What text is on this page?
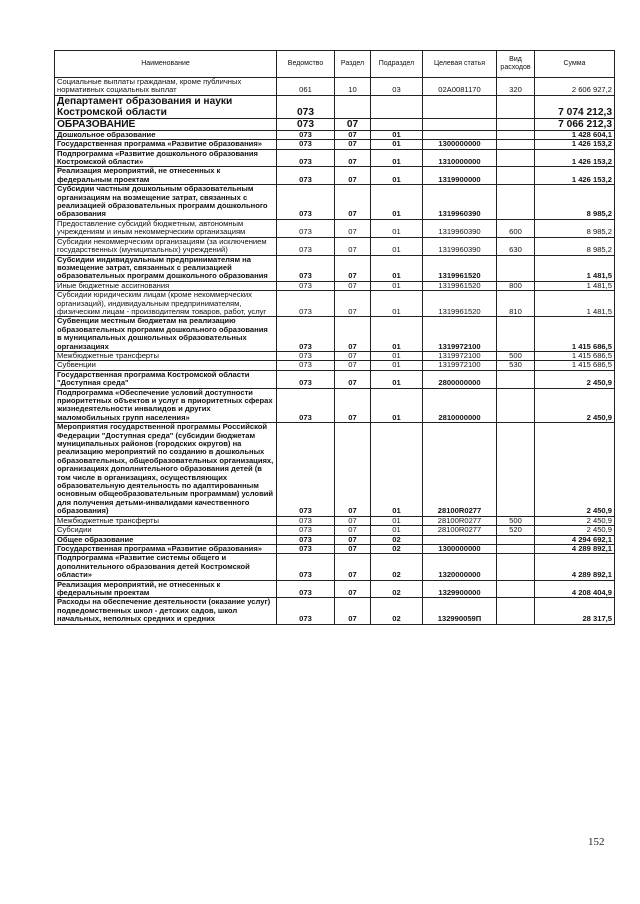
Наименование	Ведомство	Раздел	Подраздел	Целевая статья	Вид расходов	Сумма
Социальные выплаты гражданам, кроме публичных нормативных социальных выплат	061	10	03	02А0081170	320	2 606 927,2
Департамент образования и науки Костромской области	073					7 074 212,3
ОБРАЗОВАНИЕ	073	07				7 066 212,3
Дошкольное образование	073	07	01			1 428 604,1
Государственная программа «Развитие образования»	073	07	01	1300000000		1 426 153,2
Подпрограмма «Развитие дошкольного образования Костромской области»	073	07	01	1310000000		1 426 153,2
Реализация мероприятий, не отнесенных к федеральным проектам	073	07	01	1319900000		1 426 153,2
Субсидии частным дошкольным образовательным организациям на возмещение затрат, связанных с реализацией образовательных программ дошкольного образования	073	07	01	1319960390		8 985,2
Предоставление субсидий бюджетным, автономным учреждениям и иным некоммерческим организациям	073	07	01	1319960390	600	8 985,2
Субсидии некоммерческим организациям (за исключением государственных (муниципальных) учреждений)	073	07	01	1319960390	630	8 985,2
Субсидии индивидуальным предпринимателям на возмещение затрат, связанных с реализацией образовательных программ дошкольного образования	073	07	01	1319961520		1 481,5
Иные бюджетные ассигнования	073	07	01	1319961520	800	1 481,5
Субсидии юридическим лицам (кроме некоммерческих организаций), индивидуальным предпринимателям, физическим лицам - производителям товаров, работ, услуг	073	07	01	1319961520	810	1 481,5
Субвенции местным бюджетам на реализацию образовательных программ дошкольного образования в муниципальных дошкольных образовательных организациях	073	07	01	1319972100		1 415 686,5
Межбюджетные трансферты	073	07	01	1319972100	500	1 415 686,5
Субвенции	073	07	01	1319972100	530	1 415 686,5
Государственная программа Костромской области "Доступная среда"	073	07	01	2800000000		2 450,9
Подпрограмма «Обеспечение условий доступности приоритетных объектов и услуг в приоритетных сферах жизнедеятельности инвалидов и других маломобильных групп населения»	073	07	01	2810000000		2 450,9
Мероприятия государственной программы Российской Федерации "Доступная среда" (субсидии бюджетам муниципальных районов (городских округов) на реализацию мероприятий по созданию в дошкольных образовательных, общеобразовательных организациях, организациях дополнительного образования детей (в том числе в организациях, осуществляющих образовательную деятельность по адаптированным основным общеобразовательным программам) условий для получения детьми-инвалидами качественного образования)	073	07	01	28100R0277		2 450,9
Межбюджетные трансферты	073	07	01	28100R0277	500	2 450,9
Субсидии	073	07	01	28100R0277	520	2 450,9
Общее образование	073	07	02			4 294 692,1
Государственная программа «Развитие образования»	073	07	02	1300000000		4 289 892,1
Подпрограмма «Развитие системы общего и дополнительного образования детей Костромской области»	073	07	02	1320000000		4 289 892,1
Реализация мероприятий, не отнесенных к федеральным проектам	073	07	02	1329900000		4 208 404,9
Расходы на обеспечение деятельности (оказание услуг) подведомственных школ - детских садов, школ начальных, неполных средних и средних	073	07	02	132990059П		28 317,5
152
